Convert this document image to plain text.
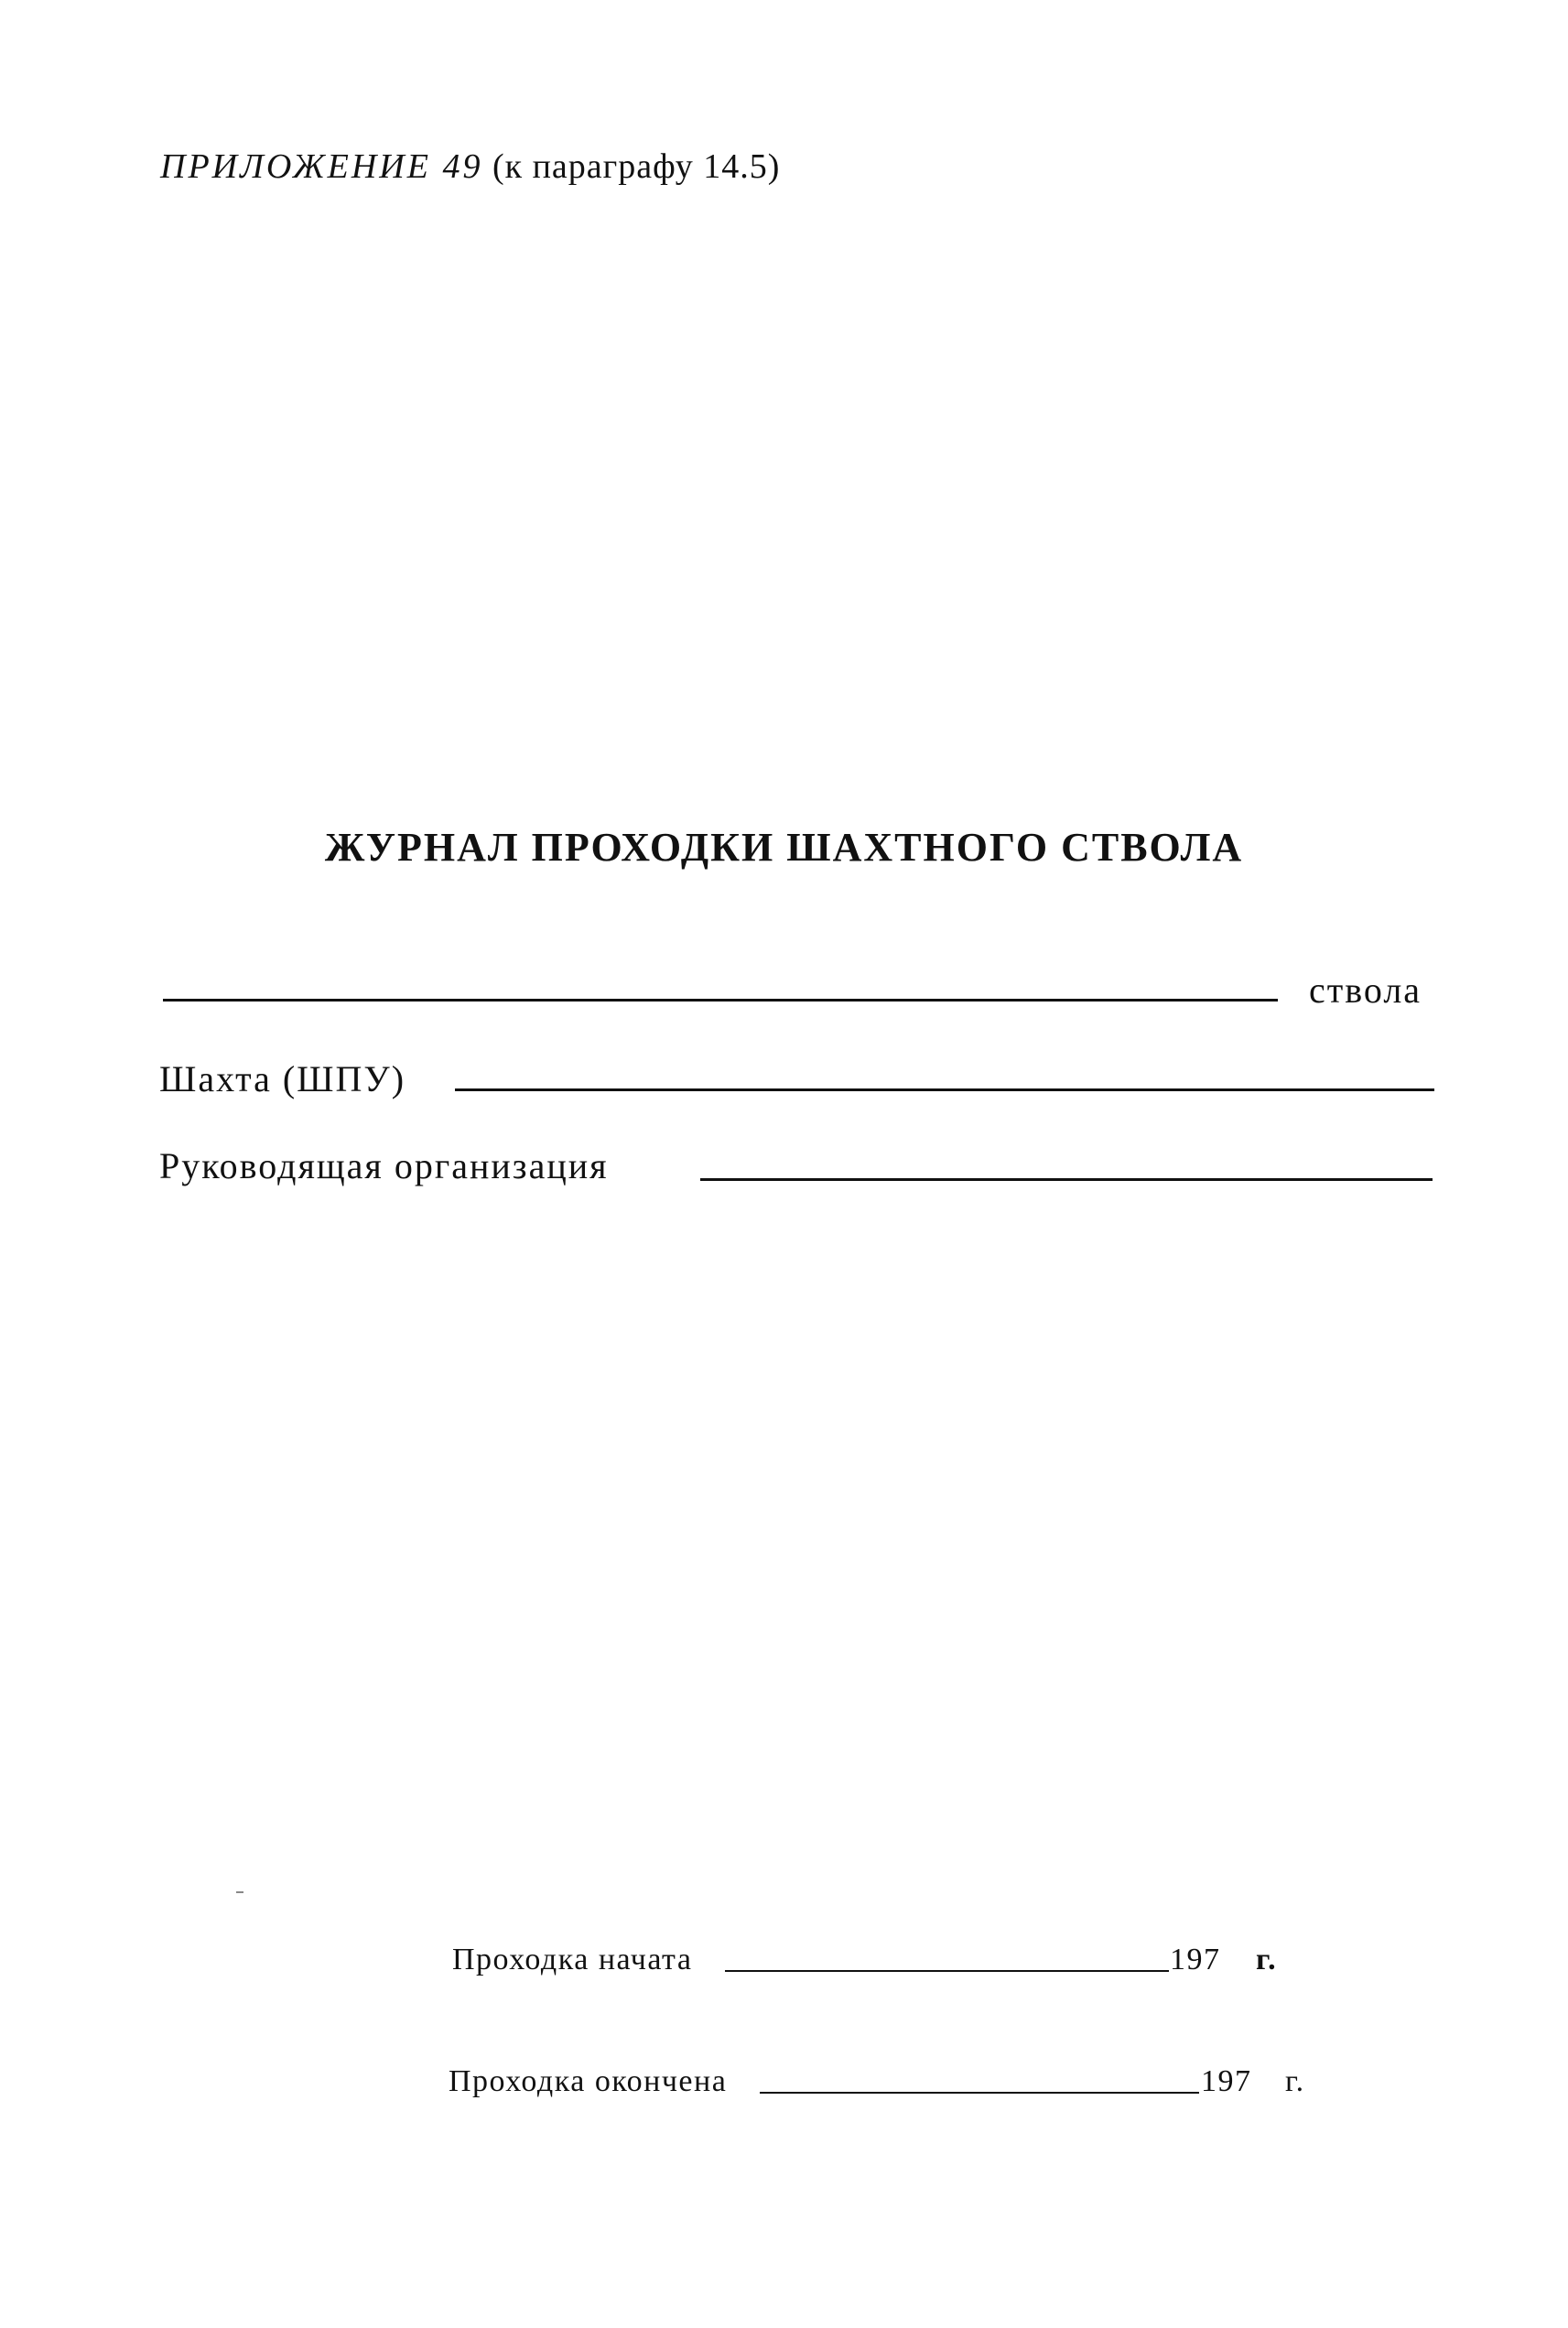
ПРИЛОЖЕНИЕ 49 (к параграфу 14.5)
ЖУРНАЛ ПРОХОДКИ ШАХТНОГО СТВОЛА
ствола
Шахта (ШПУ)
Руководящая организация
Проходка начата	197 г.
Проходка окончена	197 г.
